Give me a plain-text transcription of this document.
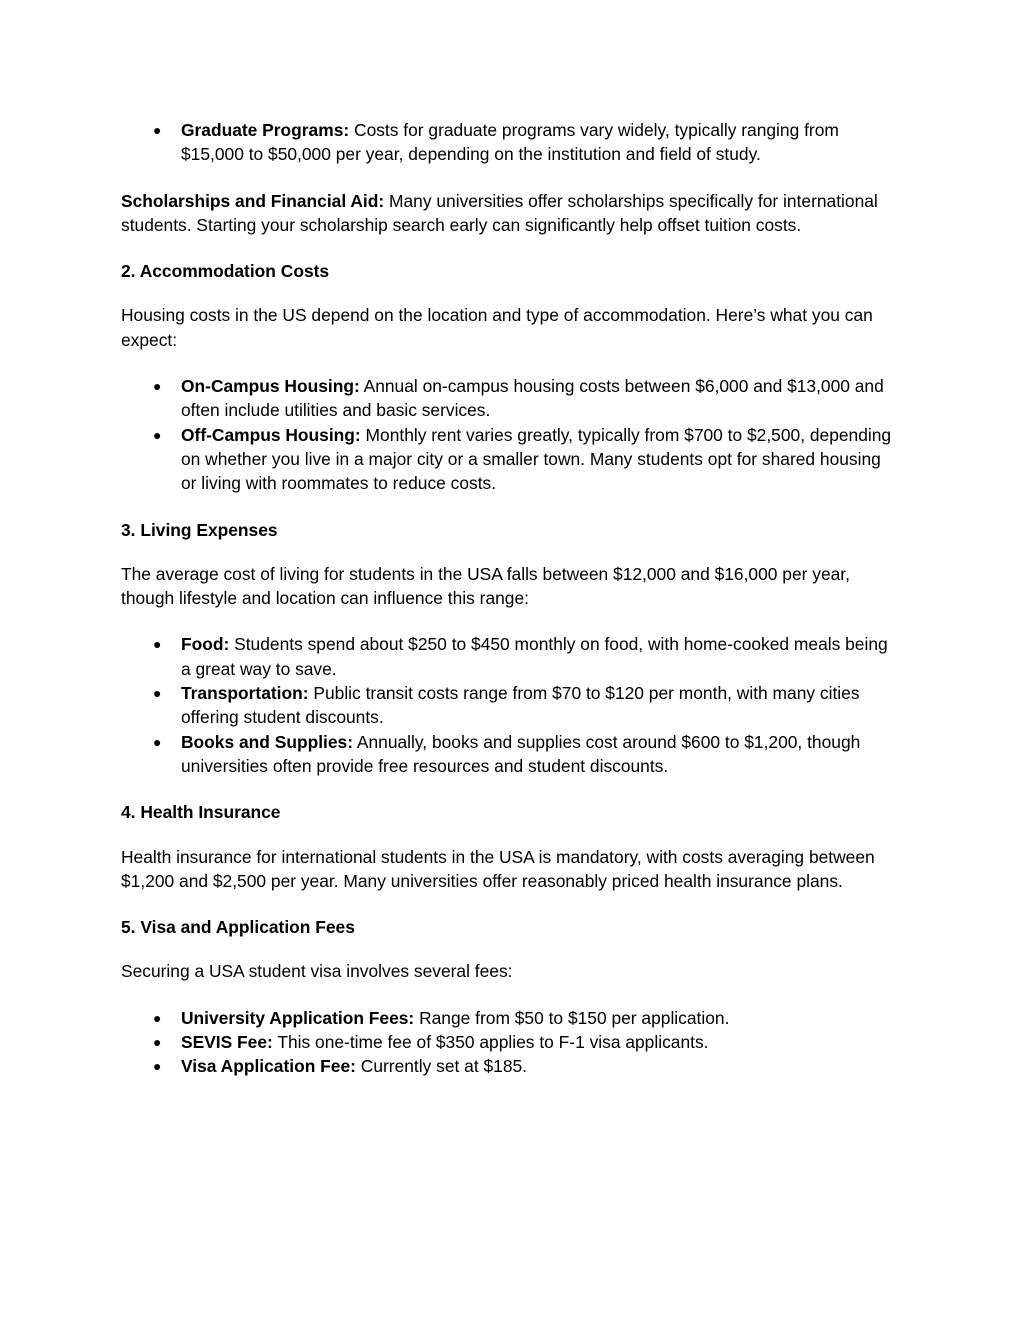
● Graduate Programs: Costs for graduate programs vary widely, typically ranging from $15,000 to $50,000 per year, depending on the institution and field of study.

Scholarships and Financial Aid: Many universities offer scholarships specifically for international students. Starting your scholarship search early can significantly help offset tuition costs.

2. Accommodation Costs

Housing costs in the US depend on the location and type of accommodation. Here’s what you can expect:

● On-Campus Housing: Annual on-campus housing costs between $6,000 and $13,000 and often include utilities and basic services.
● Off-Campus Housing: Monthly rent varies greatly, typically from $700 to $2,500, depending on whether you live in a major city or a smaller town. Many students opt for shared housing or living with roommates to reduce costs.

3. Living Expenses

The average cost of living for students in the USA falls between $12,000 and $16,000 per year, though lifestyle and location can influence this range:

● Food: Students spend about $250 to $450 monthly on food, with home-cooked meals being a great way to save.
● Transportation: Public transit costs range from $70 to $120 per month, with many cities offering student discounts.
● Books and Supplies: Annually, books and supplies cost around $600 to $1,200, though universities often provide free resources and student discounts.

4. Health Insurance

Health insurance for international students in the USA is mandatory, with costs averaging between $1,200 and $2,500 per year. Many universities offer reasonably priced health insurance plans.

5. Visa and Application Fees

Securing a USA student visa involves several fees:

● University Application Fees: Range from $50 to $150 per application.
● SEVIS Fee: This one-time fee of $350 applies to F-1 visa applicants.
● Visa Application Fee: Currently set at $185.
